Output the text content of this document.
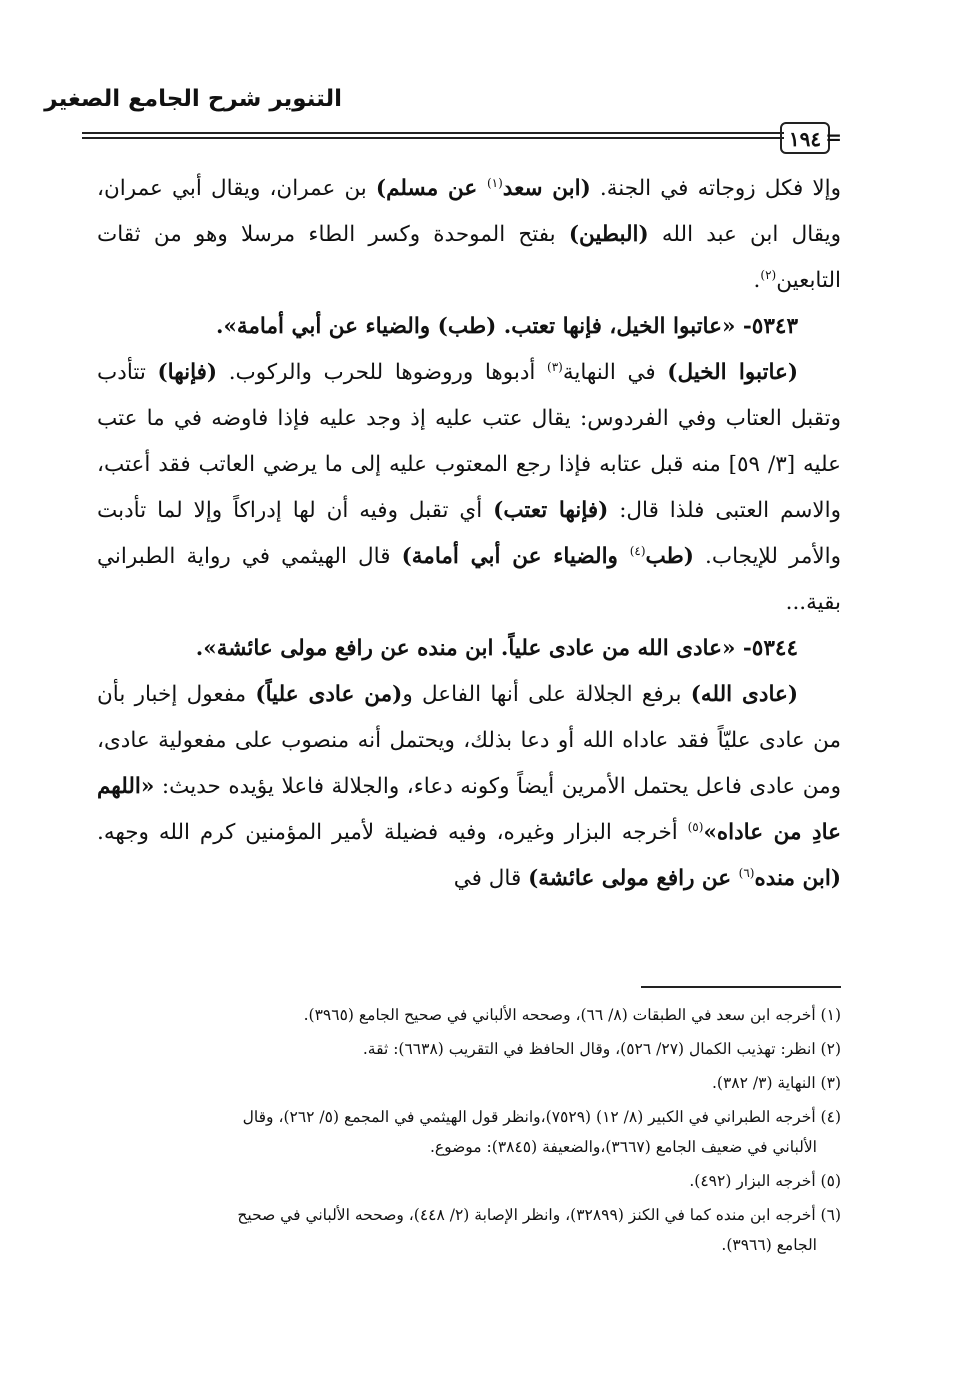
التنوير شرح الجامع الصغير
١٩٤ =

وإلا فكل زوجاته في الجنة. (ابن سعد$^{(١)}$ عن مسلم) بن عمران، ويقال أبي عمران، ويقال ابن عبد الله (البطين) بفتح الموحدة وكسر الطاء مرسلا وهو من ثقات التابعين$^{(٢)}$.

٥٣٤٣- «عاتبوا الخيل، فإنها تعتب. (طب) والضياء عن أبي أمامة».

(عاتبوا الخيل) في النهاية$^{(٣)}$ أدبوها وروضوها للحرب والركوب. (فإنها) تتأدب وتقبل العتاب وفي الفردوس: يقال عتب عليه إذ وجد عليه فإذا فاوضه في ما عتب عليه [٣/ ٥٩] منه قبل عتابه فإذا رجع المعتوب عليه إلى ما يرضي العاتب فقد أعتب، والاسم العتبى فلذا قال: (فإنها تعتب) أي تقبل وفيه أن لها إدراكاً وإلا لما تأدبت والأمر للإيجاب. (طب$^{(٤)}$ والضياء عن أبي أمامة) قال الهيثمي في رواية الطبراني بقية...

٥٣٤٤- «عادى الله من عادى علياً. ابن منده عن رافع مولى عائشة».

(عادى الله) برفع الجلالة على أنها الفاعل و(من عادى علياً) مفعول إخبار بأن من عادى عليّاً فقد عاداه الله أو دعا بذلك، ويحتمل أنه منصوب على مفعولية عادى، ومن عادى فاعل يحتمل الأمرين أيضاً وكونه دعاء، والجلالة فاعلا يؤيده حديث: «اللهم عادِ من عاداه»$^{(٥)}$ أخرجه البزار وغيره، وفيه فضيلة لأمير المؤمنين كرم الله وجهه. (ابن منده$^{(٦)}$ عن رافع مولى عائشة) قال في

(١) أخرجه ابن سعد في الطبقات (٨/ ٦٦)، وصححه الألباني في صحيح الجامع (٣٩٦٥).

(٢) انظر: تهذيب الكمال (٢٧/ ٥٢٦)، وقال الحافظ في التقريب (٦٦٣٨): ثقة.

(٣) النهاية (٣/ ٣٨٢).

(٤) أخرجه الطبراني في الكبير (٨/ ١٢) (٧٥٢٩)،وانظر قول الهيثمي في المجمع (٥/ ٢٦٢)، وقال
الألباني في ضعيف الجامع (٣٦٦٧)،والضعيفة (٣٨٤٥): موضوع.

(٥) أخرجه البزار (٤٩٢).

(٦) أخرجه ابن منده كما في الكنز (٣٢٨٩٩)، وانظر الإصابة (٢/ ٤٤٨)، وصححه الألباني في صحيح
الجامع (٣٩٦٦).
